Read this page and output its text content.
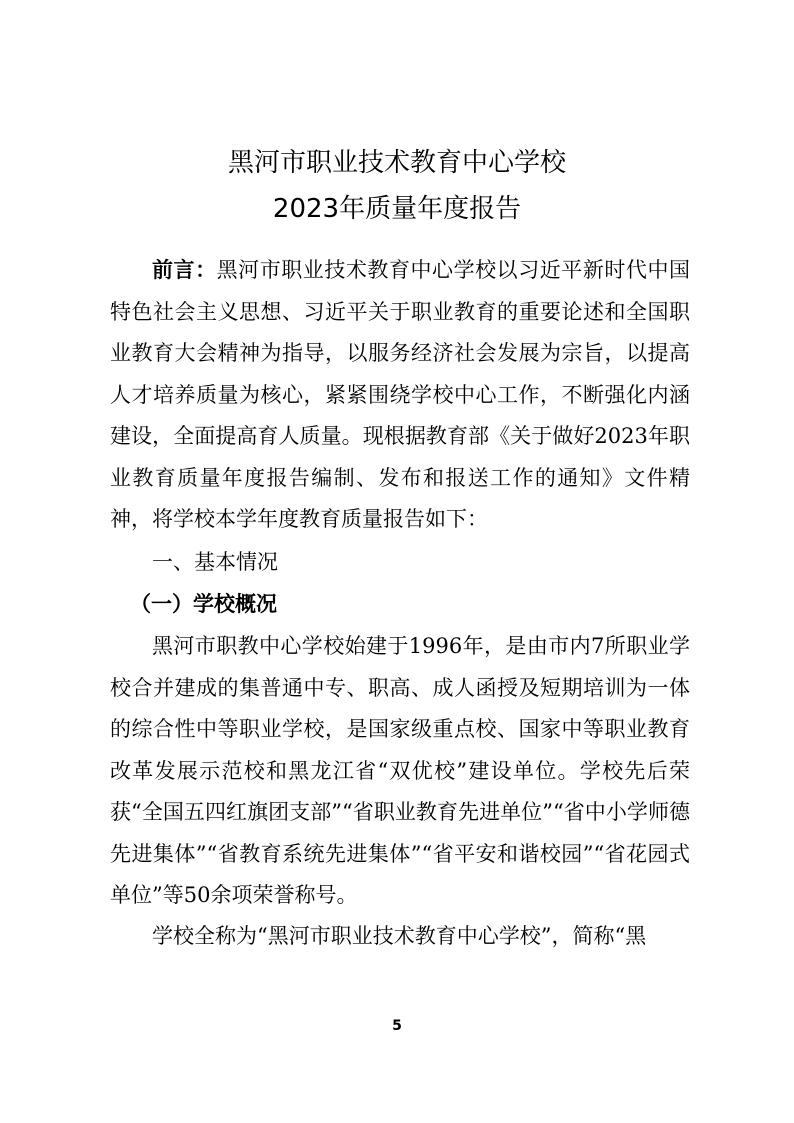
黑河市职业技术教育中心学校
2023年质量年度报告
前言：黑河市职业技术教育中心学校以习近平新时代中国特色社会主义思想、习近平关于职业教育的重要论述和全国职业教育大会精神为指导，以服务经济社会发展为宗旨，以提高人才培养质量为核心，紧紧围绕学校中心工作，不断强化内涵建设，全面提高育人质量。现根据教育部《关于做好2023年职业教育质量年度报告编制、发布和报送工作的通知》文件精神，将学校本学年度教育质量报告如下：
一、基本情况
（一）学校概况
黑河市职教中心学校始建于1996年，是由市内7所职业学校合并建成的集普通中专、职高、成人函授及短期培训为一体的综合性中等职业学校，是国家级重点校、国家中等职业教育改革发展示范校和黑龙江省“双优校”建设单位。学校先后荣获“全国五四红旗团支部”“省职业教育先进单位”“省中小学师德先进集体”“省教育系统先进集体”“省平安和谐校园”“省花园式单位”等50余项荣誉称号。
学校全称为“黑河市职业技术教育中心学校”，简称“黑
5
